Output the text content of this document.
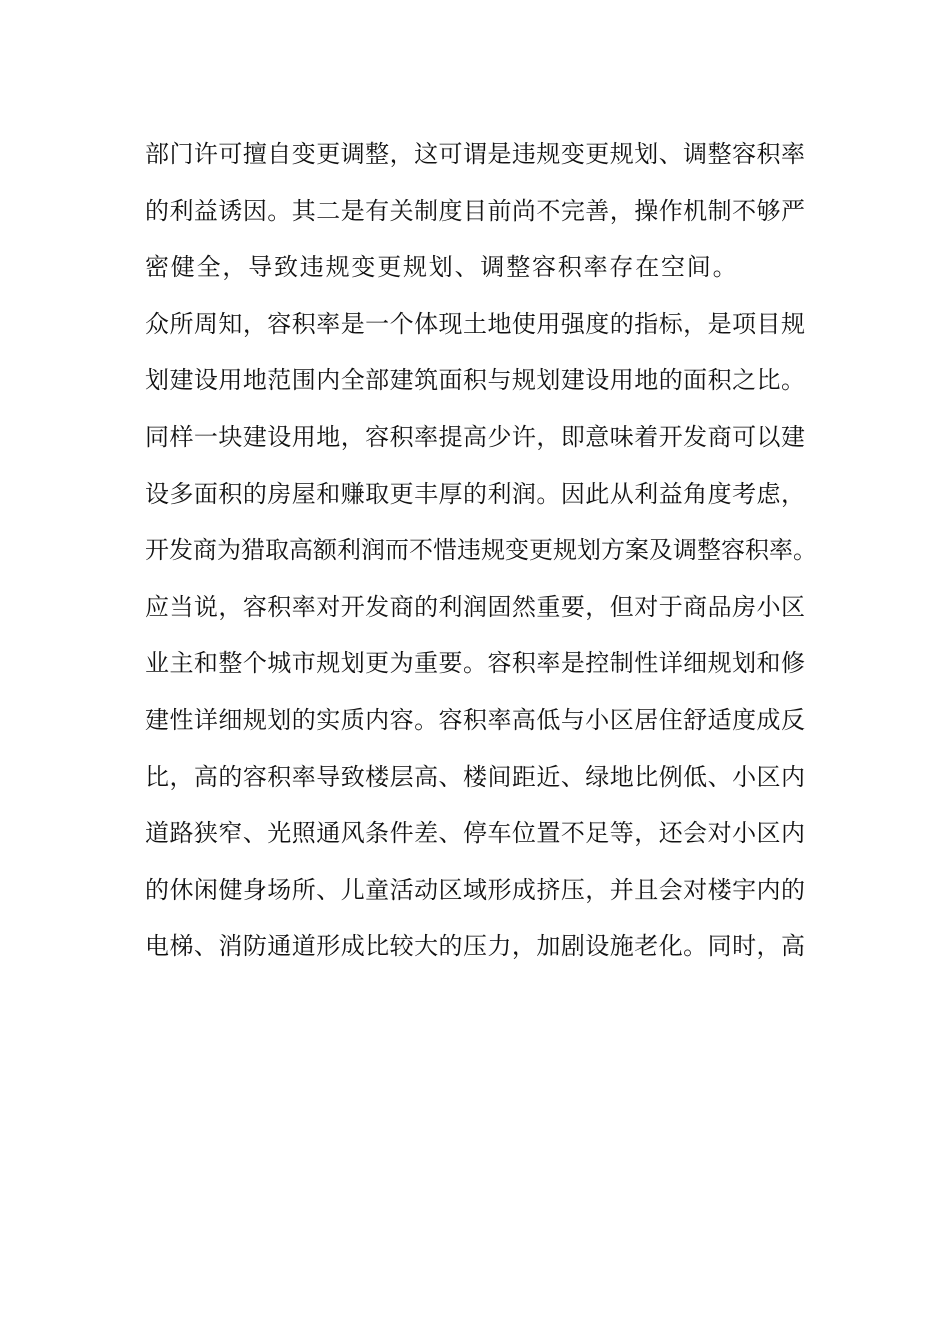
部门许可擅自变更调整，这可谓是违规变更规划、调整容积率
的利益诱因。其二是有关制度目前尚不完善，操作机制不够严
密健全，导致违规变更规划、调整容积率存在空间。
众所周知，容积率是一个体现土地使用强度的指标，是项目规
划建设用地范围内全部建筑面积与规划建设用地的面积之比。
同样一块建设用地，容积率提高少许，即意味着开发商可以建
设多面积的房屋和赚取更丰厚的利润。因此从利益角度考虑，
开发商为猎取高额利润而不惜违规变更规划方案及调整容积率。
应当说，容积率对开发商的利润固然重要，但对于商品房小区
业主和整个城市规划更为重要。容积率是控制性详细规划和修
建性详细规划的实质内容。容积率高低与小区居住舒适度成反
比，高的容积率导致楼层高、楼间距近、绿地比例低、小区内
道路狭窄、光照通风条件差、停车位置不足等，还会对小区内
的休闲健身场所、儿童活动区域形成挤压，并且会对楼宇内的
电梯、消防通道形成比较大的压力，加剧设施老化。同时，高
